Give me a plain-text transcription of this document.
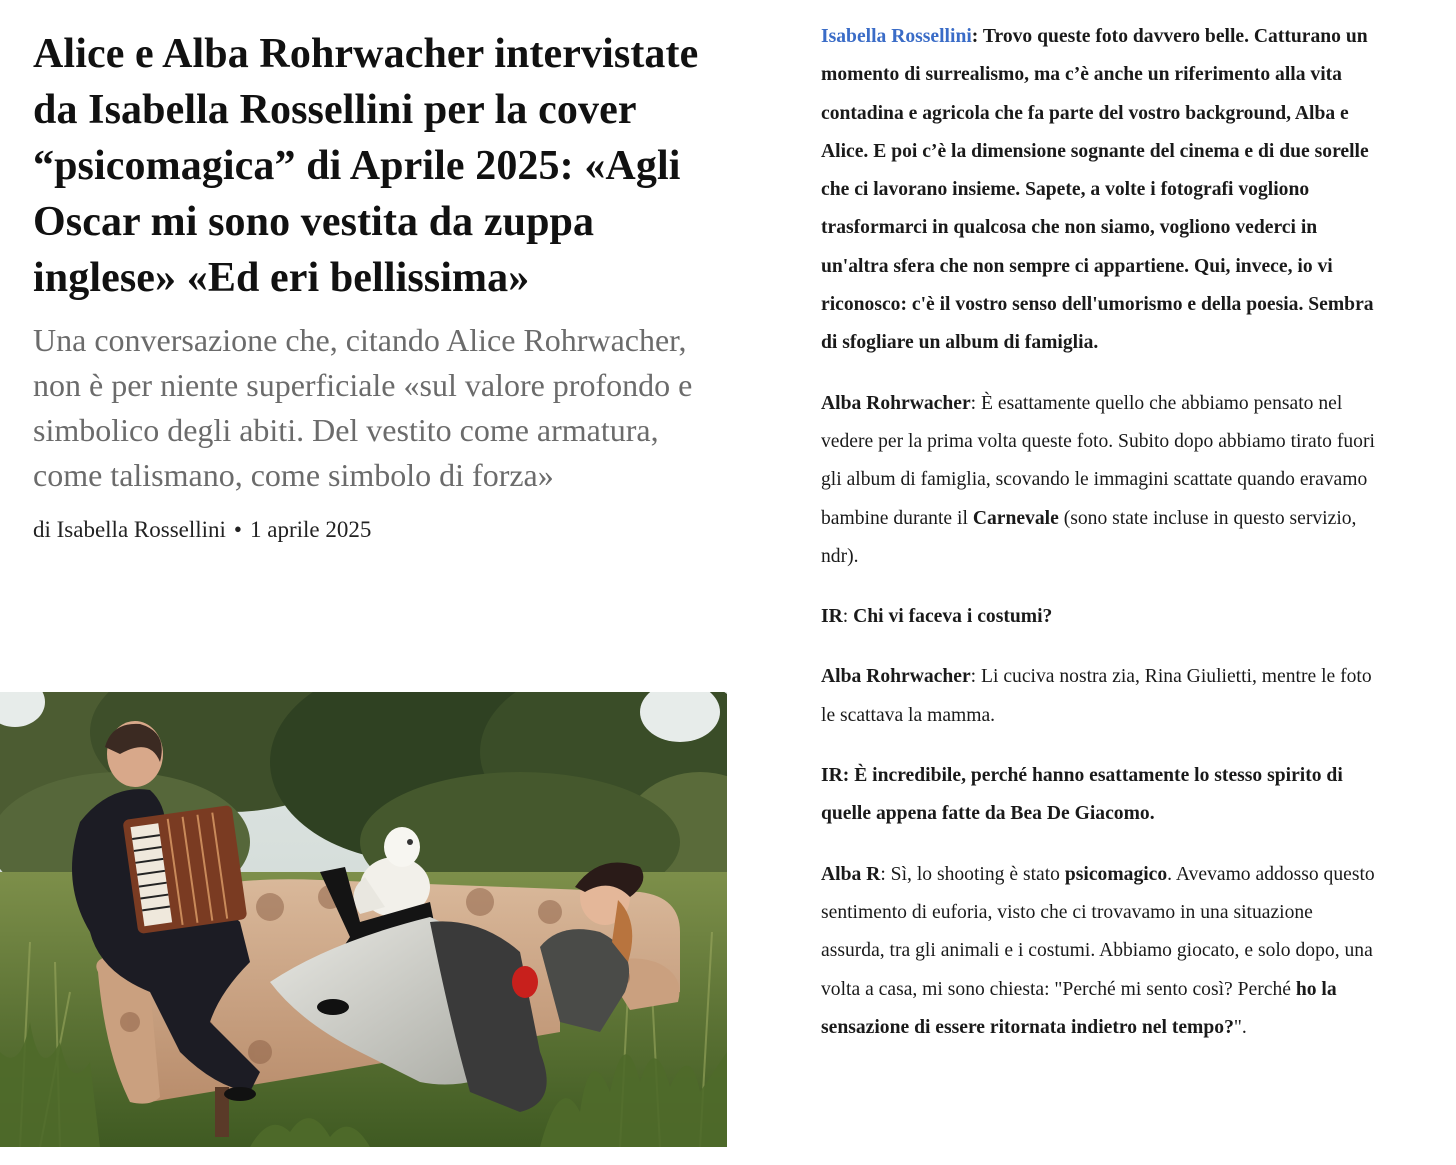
Alice e Alba Rohrwacher intervistate da Isabella Rossellini per la cover “psicomagica” di Aprile 2025: «Agli Oscar mi sono vestita da zuppa inglese» «Ed eri bellissima»

Una conversazione che, citando Alice Rohrwacher, non è per niente superficiale «sul valore profondo e simbolico degli abiti. Del vestito come armatura, come talismano, come simbolo di forza»

di Isabella Rossellini • 1 aprile 2025

Isabella Rossellini: Trovo queste foto davvero belle. Catturano un momento di surrealismo, ma c’è anche un riferimento alla vita contadina e agricola che fa parte del vostro background, Alba e Alice. E poi c’è la dimensione sognante del cinema e di due sorelle che ci lavorano insieme. Sapete, a volte i fotografi vogliono trasformarci in qualcosa che non siamo, vogliono vederci in un'altra sfera che non sempre ci appartiene. Qui, invece, io vi riconosco: c'è il vostro senso dell'umorismo e della poesia. Sembra di sfogliare un album di famiglia.

Alba Rohrwacher: È esattamente quello che abbiamo pensato nel vedere per la prima volta queste foto. Subito dopo abbiamo tirato fuori gli album di famiglia, scovando le immagini scattate quando eravamo bambine durante il Carnevale (sono state incluse in questo servizio, ndr).

IR: Chi vi faceva i costumi?

Alba Rohrwacher: Li cuciva nostra zia, Rina Giulietti, mentre le foto le scattava la mamma.

IR: È incredibile, perché hanno esattamente lo stesso spirito di quelle appena fatte da Bea De Giacomo.

Alba R: Sì, lo shooting è stato psicomagico. Avevamo addosso questo sentimento di euforia, visto che ci trovavamo in una situazione assurda, tra gli animali e i costumi. Abbiamo giocato, e solo dopo, una volta a casa, mi sono chiesta: "Perché mi sento così? Perché ho la sensazione di essere ritornata indietro nel tempo?".
